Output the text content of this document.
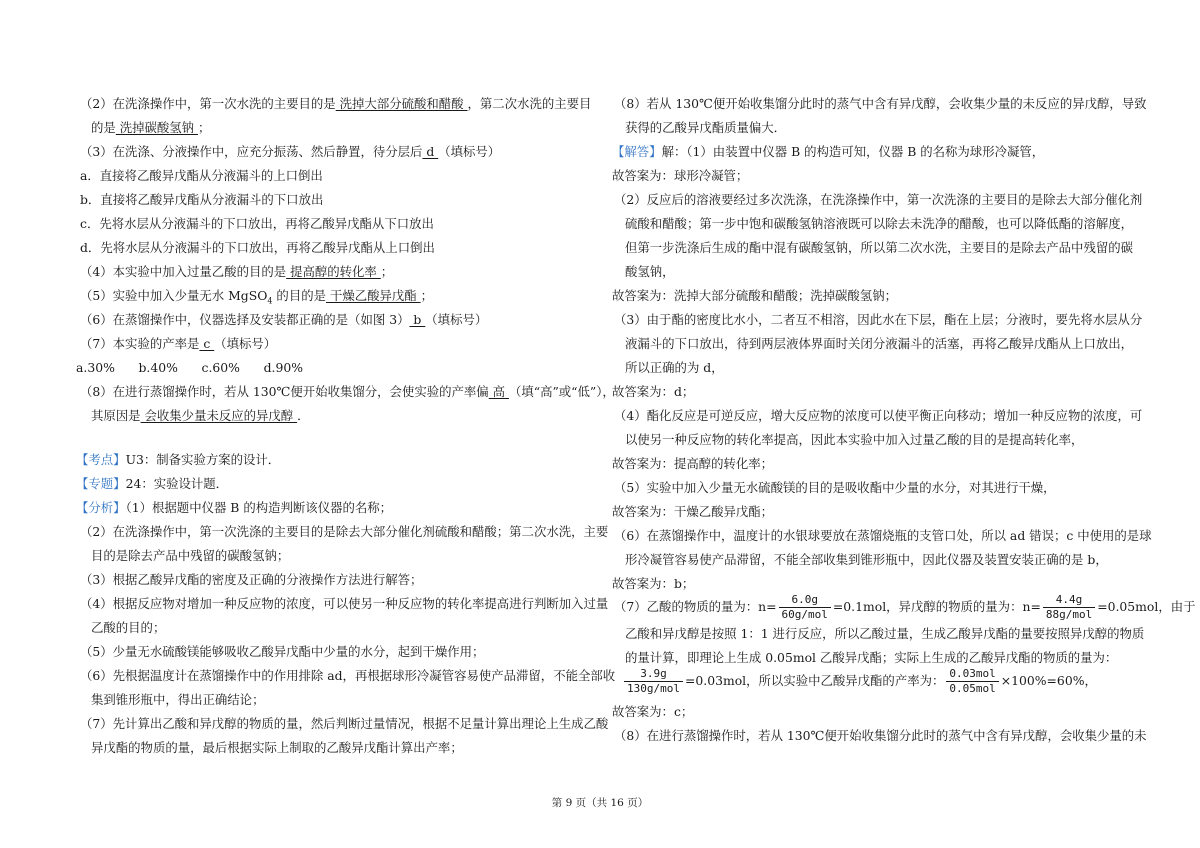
（2）在洗涤操作中，第一次水洗的主要目的是 洗掉大部分硫酸和醋酸 ，第二次水洗的主要目
的是 洗掉碳酸氢钠 ；
（3）在洗涤、分液操作中，应充分振荡、然后静置，待分层后 d （填标号）
a．直接将乙酸异戊酯从分液漏斗的上口倒出
b．直接将乙酸异戊酯从分液漏斗的下口放出
c．先将水层从分液漏斗的下口放出，再将乙酸异戊酯从下口放出
d．先将水层从分液漏斗的下口放出，再将乙酸异戊酯从上口倒出
（4）本实验中加入过量乙酸的目的是 提高醇的转化率 ；
（5）实验中加入少量无水 MgSO$_4$ 的目的是 干燥乙酸异戊酯 ；
（6）在蒸馏操作中，仪器选择及安装都正确的是（如图 3） b （填标号）
（7）本实验的产率是 c （填标号）
a.30%      b.40%      c.60%      d.90%
（8）在进行蒸馏操作时，若从 130℃便开始收集馏分，会使实验的产率偏 高 （填“高”或“低”），
其原因是 会收集少量未反应的异戊醇 ．
【考点】U3：制备实验方案的设计．
【专题】24：实验设计题．
【分析】（1）根据题中仪器 B 的构造判断该仪器的名称；
（2）在洗涤操作中，第一次洗涤的主要目的是除去大部分催化剂硫酸和醋酸；第二次水洗，主要
目的是除去产品中残留的碳酸氢钠；
（3）根据乙酸异戊酯的密度及正确的分液操作方法进行解答；
（4）根据反应物对增加一种反应物的浓度，可以使另一种反应物的转化率提高进行判断加入过量
乙酸的目的；
（5）少量无水硫酸镁能够吸收乙酸异戊酯中少量的水分，起到干燥作用；
（6）先根据温度计在蒸馏操作中的作用排除 ad，再根据球形冷凝管容易使产品滞留，不能全部收
集到锥形瓶中，得出正确结论；
（7）先计算出乙酸和异戊醇的物质的量，然后判断过量情况，根据不足量计算出理论上生成乙酸
异戊酯的物质的量，最后根据实际上制取的乙酸异戊酯计算出产率；
（8）若从 130℃便开始收集馏分此时的蒸气中含有异戊醇，会收集少量的未反应的异戊醇，导致
获得的乙酸异戊酯质量偏大．
【解答】解：（1）由装置中仪器 B 的构造可知，仪器 B 的名称为球形冷凝管，
故答案为：球形冷凝管；
（2）反应后的溶液要经过多次洗涤，在洗涤操作中，第一次洗涤的主要目的是除去大部分催化剂
硫酸和醋酸；第一步中饱和碳酸氢钠溶液既可以除去未洗净的醋酸，也可以降低酯的溶解度，
但第一步洗涤后生成的酯中混有碳酸氢钠，所以第二次水洗，主要目的是除去产品中残留的碳
酸氢钠，
故答案为：洗掉大部分硫酸和醋酸；洗掉碳酸氢钠；
（3）由于酯的密度比水小，二者互不相溶，因此水在下层，酯在上层；分液时，要先将水层从分
液漏斗的下口放出，待到两层液体界面时关闭分液漏斗的活塞，再将乙酸异戊酯从上口放出，
所以正确的为 d，
故答案为：d；
（4）酯化反应是可逆反应，增大反应物的浓度可以使平衡正向移动；增加一种反应物的浓度，可
以使另一种反应物的转化率提高，因此本实验中加入过量乙酸的目的是提高转化率，
故答案为：提高醇的转化率；
（5）实验中加入少量无水硫酸镁的目的是吸收酯中少量的水分，对其进行干燥，
故答案为：干燥乙酸异戊酯；
（6）在蒸馏操作中，温度计的水银球要放在蒸馏烧瓶的支管口处，所以 ad 错误；c 中使用的是球
形冷凝管容易使产品滞留，不能全部收集到锥形瓶中，因此仪器及装置安装正确的是 b，
故答案为：b；
（7）乙酸的物质的量为：$n= \frac{6.0g}{\text{60g/mol}} =0.1mol$，异戊醇的物质的量为：$n= \frac{4.4g}{\text{88g/mol}} =0.05mol$，由于
乙酸和异戊醇是按照 1：1 进行反应，所以乙酸过量，生成乙酸异戊酯的量要按照异戊醇的物质
的量计算，即理论上生成 0.05mol 乙酸异戊酯；实际上生成的乙酸异戊酯的物质的量为：
$\frac{3.9g}{\text{130g/mol}} =0.03mol$，所以实验中乙酸异戊酯的产率为： $\frac{\text{0.03mol}}{\text{0.05mol}} \times 100\%=60\%$，
故答案为：c；
（8）在进行蒸馏操作时，若从 130℃便开始收集馏分此时的蒸气中含有异戊醇，会收集少量的未
第 9 页（共 16 页）
